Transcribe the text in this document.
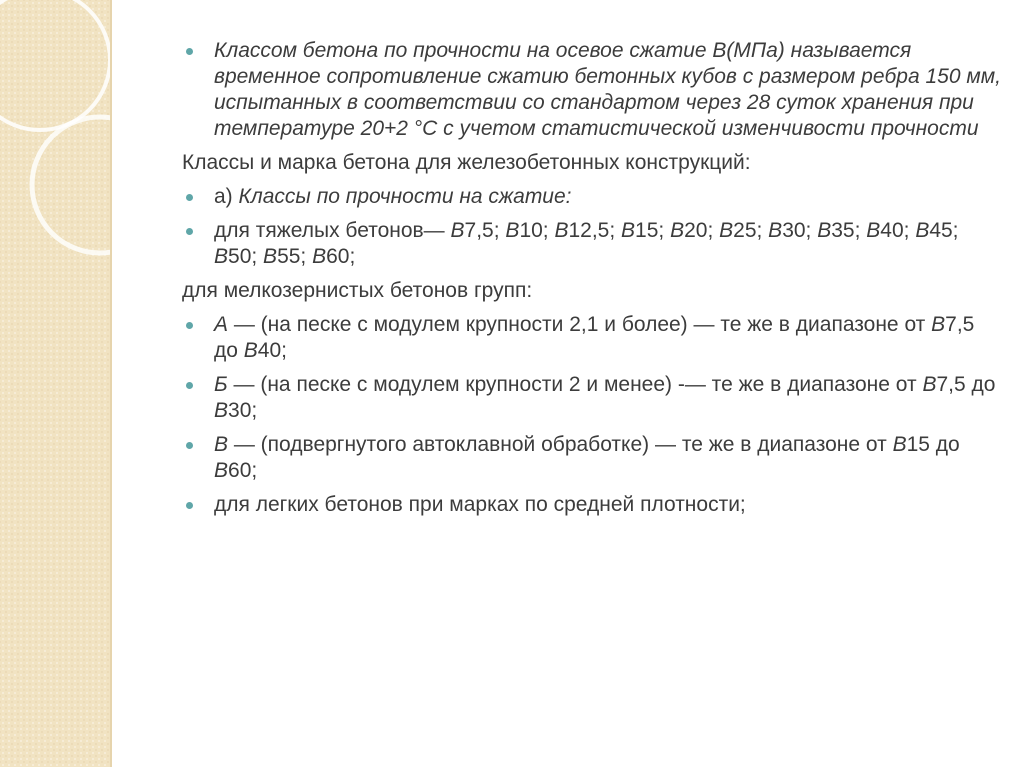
Классом бетона по прочности на осевое сжатие В(МПа) называется временное сопротивление сжатию бетонных кубов с размером ребра 150 мм, испытанных в соответствии со стандартом через 28 суток хранения при температуре 20+2 °С с учетом статистической изменчивости прочности
Классы и марка бетона для железобетонных конструкций:
а) Классы по прочности на сжатие:
для тяжелых бетонов— В7,5; В10; В12,5; В15; В20; В25; В30; В35; В40; В45; В50; В55; В60;
для мелкозернистых бетонов групп:
А — (на песке с модулем крупности 2,1 и более) — те же в диапазоне от В7,5 до В40;
Б — (на песке с модулем крупности 2 и менее) -— те же в диапазоне от В7,5 до В30;
В — (подвергнутого автоклавной обработке) — те же в диапазоне от В15 до В60;
для легких бетонов при марках по средней плотности;
